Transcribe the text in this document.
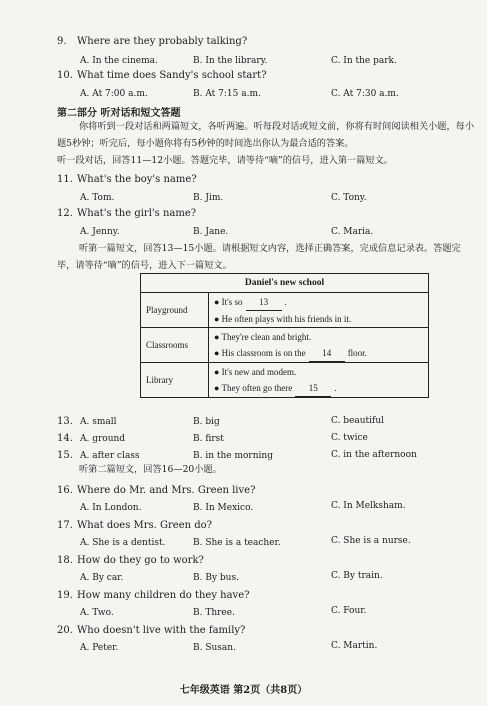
9. Where are they probably talking?
A. In the cinema.	B. In the library.	C. In the park.
10. What time does Sandy's school start?
A. At 7:00 a.m.	B. At 7:15 a.m.	C. At 7:30 a.m.
第二部分 听对话和短文答题
你将听到一段对话和两篇短文，各听两遍。听每段对话或短文前，你将有时间阅读相关小题，每小题5秒钟；听完后，每小题你将有5秒钟的时间选出你认为最合适的答案。
听一段对话，回答11—12小题。答题完毕，请等待“嘀”的信号，进入第一篇短文。
11. What's the boy's name?
A. Tom.	B. Jim.	C. Tony.
12. What's the girl's name?
A. Jenny.	B. Jane.	C. Maria.
听第一篇短文，回答13—15小题。请根据短文内容，选择正确答案，完成信息记录表。答题完毕，请等待“嘀”的信号，进入下一篇短文。
Daniel's new school	
Playground	● It's so 13 .
● He often plays with his friends in it.

Classrooms	● They're clean and bright.
● His classroom is on the 14 floor.

Library	● It's new and modem.
● They often go there 15 .
13. A. small	B. big	C. beautiful
14. A. ground	B. first	C. twice
15. A. after class	B. in the morning	C. in the afternoon
听第二篇短文，回答16—20小题。
16. Where do Mr. and Mrs. Green live?
A. In London.	B. In Mexico.	C. In Melksham.
17. What does Mrs. Green do?
A. She is a dentist.	B. She is a teacher.	C. She is a nurse.
18. How do they go to work?
A. By car.	B. By bus.	C. By train.
19. How many children do they have?
A. Two.	B. Three.	C. Four.
20. Who doesn't live with the family?
A. Peter.	B. Susan.	C. Martin.
七年级英语 第2页（共8页）
